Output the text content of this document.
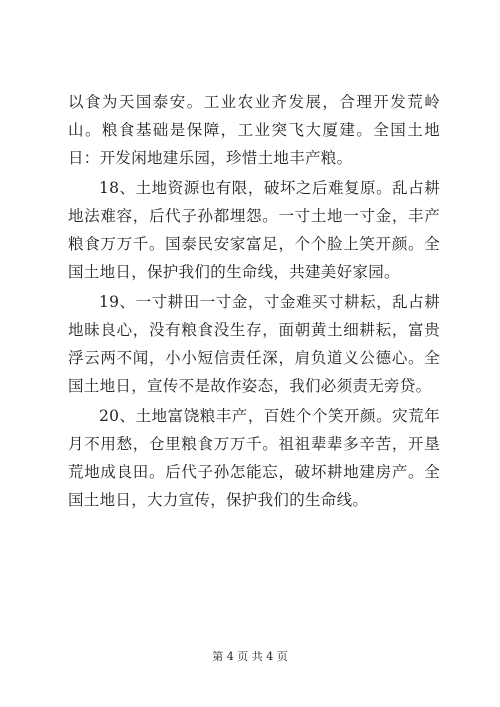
以食为天国泰安。工业农业齐发展，合理开发荒岭山。粮食基础是保障，工业突飞大厦建。全国土地日：开发闲地建乐园，珍惜土地丰产粮。

18、土地资源也有限，破坏之后难复原。乱占耕地法难容，后代子孙都埋怨。一寸土地一寸金，丰产粮食万万千。国泰民安家富足，个个脸上笑开颜。全国土地日，保护我们的生命线，共建美好家园。

19、一寸耕田一寸金，寸金难买寸耕耘，乱占耕地昧良心，没有粮食没生存，面朝黄土细耕耘，富贵浮云两不闻，小小短信责任深，肩负道义公德心。全国土地日，宣传不是故作姿态，我们必须责无旁贷。

20、土地富饶粮丰产，百姓个个笑开颜。灾荒年月不用愁，仓里粮食万万千。祖祖辈辈多辛苦，开垦荒地成良田。后代子孙怎能忘，破坏耕地建房产。全国土地日，大力宣传，保护我们的生命线。

第 4 页 共 4 页
